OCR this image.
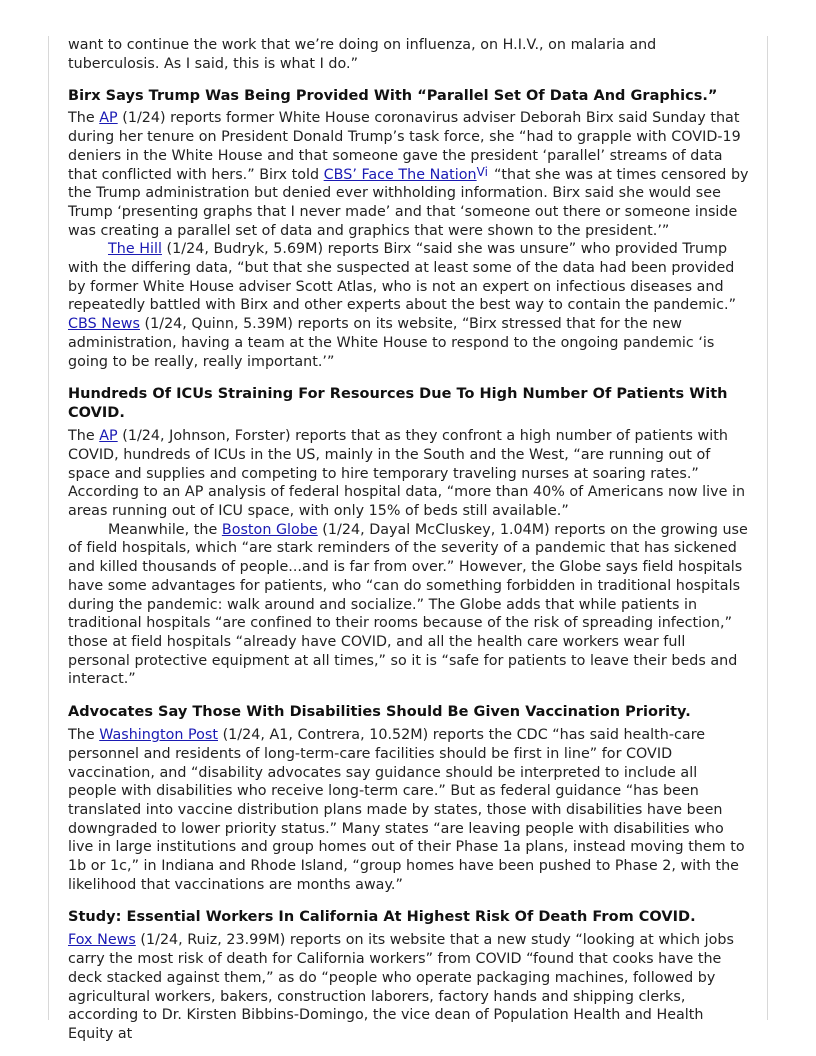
want to continue the work that we’re doing on influenza, on H.I.V., on malaria and tuberculosis. As I said, this is what I do.”

Birx Says Trump Was Being Provided With “Parallel Set Of Data And Graphics.”

The AP (1/24) reports former White House coronavirus adviser Deborah Birx said Sunday that during her tenure on President Donald Trump’s task force, she “had to grapple with COVID-19 deniers in the White House and that someone gave the president ‘parallel’ streams of data that conflicted with hers.” Birx told CBS’ Face The Nation$^{Vi}$ “that she was at times censored by the Trump administration but denied ever withholding information. Birx said she would see Trump ‘presenting graphs that I never made’ and that ‘someone out there or someone inside was creating a parallel set of data and graphics that were shown to the president.’”

The Hill (1/24, Budryk, 5.69M) reports Birx “said she was unsure” who provided Trump with the differing data, “but that she suspected at least some of the data had been provided by former White House adviser Scott Atlas, who is not an expert on infectious diseases and repeatedly battled with Birx and other experts about the best way to contain the pandemic.” CBS News (1/24, Quinn, 5.39M) reports on its website, “Birx stressed that for the new administration, having a team at the White House to respond to the ongoing pandemic ‘is going to be really, really important.’”

Hundreds Of ICUs Straining For Resources Due To High Number Of Patients With COVID.

The AP (1/24, Johnson, Forster) reports that as they confront a high number of patients with COVID, hundreds of ICUs in the US, mainly in the South and the West, “are running out of space and supplies and competing to hire temporary traveling nurses at soaring rates.” According to an AP analysis of federal hospital data, “more than 40% of Americans now live in areas running out of ICU space, with only 15% of beds still available.”

Meanwhile, the Boston Globe (1/24, Dayal McCluskey, 1.04M) reports on the growing use of field hospitals, which “are stark reminders of the severity of a pandemic that has sickened and killed thousands of people...and is far from over.” However, the Globe says field hospitals have some advantages for patients, who “can do something forbidden in traditional hospitals during the pandemic: walk around and socialize.” The Globe adds that while patients in traditional hospitals “are confined to their rooms because of the risk of spreading infection,” those at field hospitals “already have COVID, and all the health care workers wear full personal protective equipment at all times,” so it is “safe for patients to leave their beds and interact.”

Advocates Say Those With Disabilities Should Be Given Vaccination Priority.

The Washington Post (1/24, A1, Contrera, 10.52M) reports the CDC “has said health-care personnel and residents of long-term-care facilities should be first in line” for COVID vaccination, and “disability advocates say guidance should be interpreted to include all people with disabilities who receive long-term care.” But as federal guidance “has been translated into vaccine distribution plans made by states, those with disabilities have been downgraded to lower priority status.” Many states “are leaving people with disabilities who live in large institutions and group homes out of their Phase 1a plans, instead moving them to 1b or 1c,” in Indiana and Rhode Island, “group homes have been pushed to Phase 2, with the likelihood that vaccinations are months away.”

Study: Essential Workers In California At Highest Risk Of Death From COVID.

Fox News (1/24, Ruiz, 23.99M) reports on its website that a new study “looking at which jobs carry the most risk of death for California workers” from COVID “found that cooks have the deck stacked against them,” as do “people who operate packaging machines, followed by agricultural workers, bakers, construction laborers, factory hands and shipping clerks, according to Dr. Kirsten Bibbins-Domingo, the vice dean of Population Health and Health Equity at
